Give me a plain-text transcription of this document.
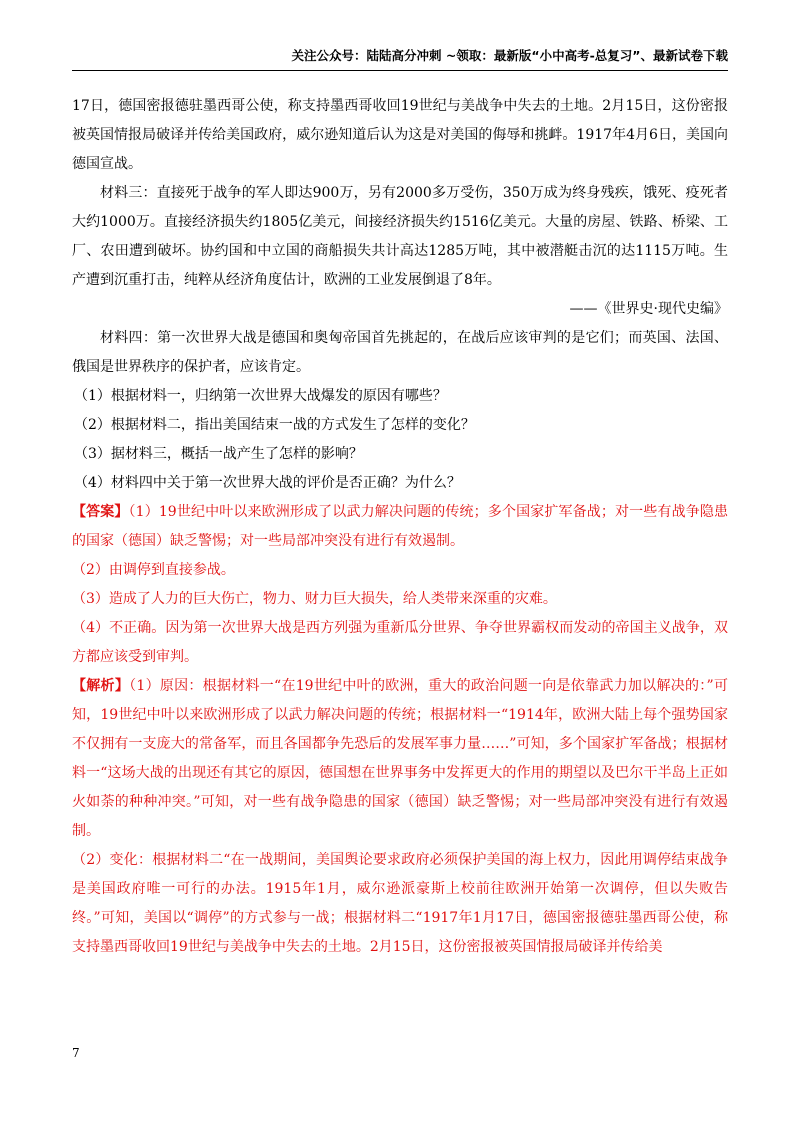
关注公众号：陆陆高分冲刺 ~领取：最新版“小中高考-总复习”、最新试卷下载

17日，德国密报德驻墨西哥公使，称支持墨西哥收回19世纪与美战争中失去的土地。2月15日，这份密报被英国情报局破译并传给美国政府，威尔逊知道后认为这是对美国的侮辱和挑衅。1917年4月6日，美国向德国宣战。

材料三：直接死于战争的军人即达900万，另有2000多万受伤，350万成为终身残疾，饿死、疫死者大约1000万。直接经济损失约1805亿美元，间接经济损失约1516亿美元。大量的房屋、铁路、桥梁、工厂、农田遭到破坏。协约国和中立国的商船损失共计高达1285万吨，其中被潜艇击沉的达1115万吨。生产遭到沉重打击，纯粹从经济角度估计，欧洲的工业发展倒退了8年。

——《世界史·现代史编》

材料四：第一次世界大战是德国和奥匈帝国首先挑起的，在战后应该审判的是它们；而英国、法国、俄国是世界秩序的保护者，应该肯定。

（1）根据材料一，归纳第一次世界大战爆发的原因有哪些？

（2）根据材料二，指出美国结束一战的方式发生了怎样的变化？

（3）据材料三，概括一战产生了怎样的影响？

（4）材料四中关于第一次世界大战的评价是否正确？为什么？

【答案】（1）19世纪中叶以来欧洲形成了以武力解决问题的传统；多个国家扩军备战；对一些有战争隐患的国家（德国）缺乏警惕；对一些局部冲突没有进行有效遏制。

（2）由调停到直接参战。

（3）造成了人力的巨大伤亡，物力、财力巨大损失，给人类带来深重的灾难。

（4）不正确。因为第一次世界大战是西方列强为重新瓜分世界、争夺世界霸权而发动的帝国主义战争，双方都应该受到审判。

【解析】（1）原因：根据材料一“在19世纪中叶的欧洲，重大的政治问题一向是依靠武力加以解决的：”可知，19世纪中叶以来欧洲形成了以武力解决问题的传统；根据材料一“1914年，欧洲大陆上每个强势国家不仅拥有一支庞大的常备军，而且各国都争先恐后的发展军事力量……”可知，多个国家扩军备战；根据材料一“这场大战的出现还有其它的原因，德国想在世界事务中发挥更大的作用的期望以及巴尔干半岛上正如火如荼的种种冲突。”可知，对一些有战争隐患的国家（德国）缺乏警惕；对一些局部冲突没有进行有效遏制。

（2）变化：根据材料二“在一战期间，美国舆论要求政府必须保护美国的海上权力，因此用调停结束战争是美国政府唯一可行的办法。1915年1月，威尔逊派豪斯上校前往欧洲开始第一次调停，但以失败告终。”可知，美国以“调停”的方式参与一战；根据材料二“1917年1月17日，德国密报德驻墨西哥公使，称支持墨西哥收回19世纪与美战争中失去的土地。2月15日，这份密报被英国情报局破译并传给美

7
